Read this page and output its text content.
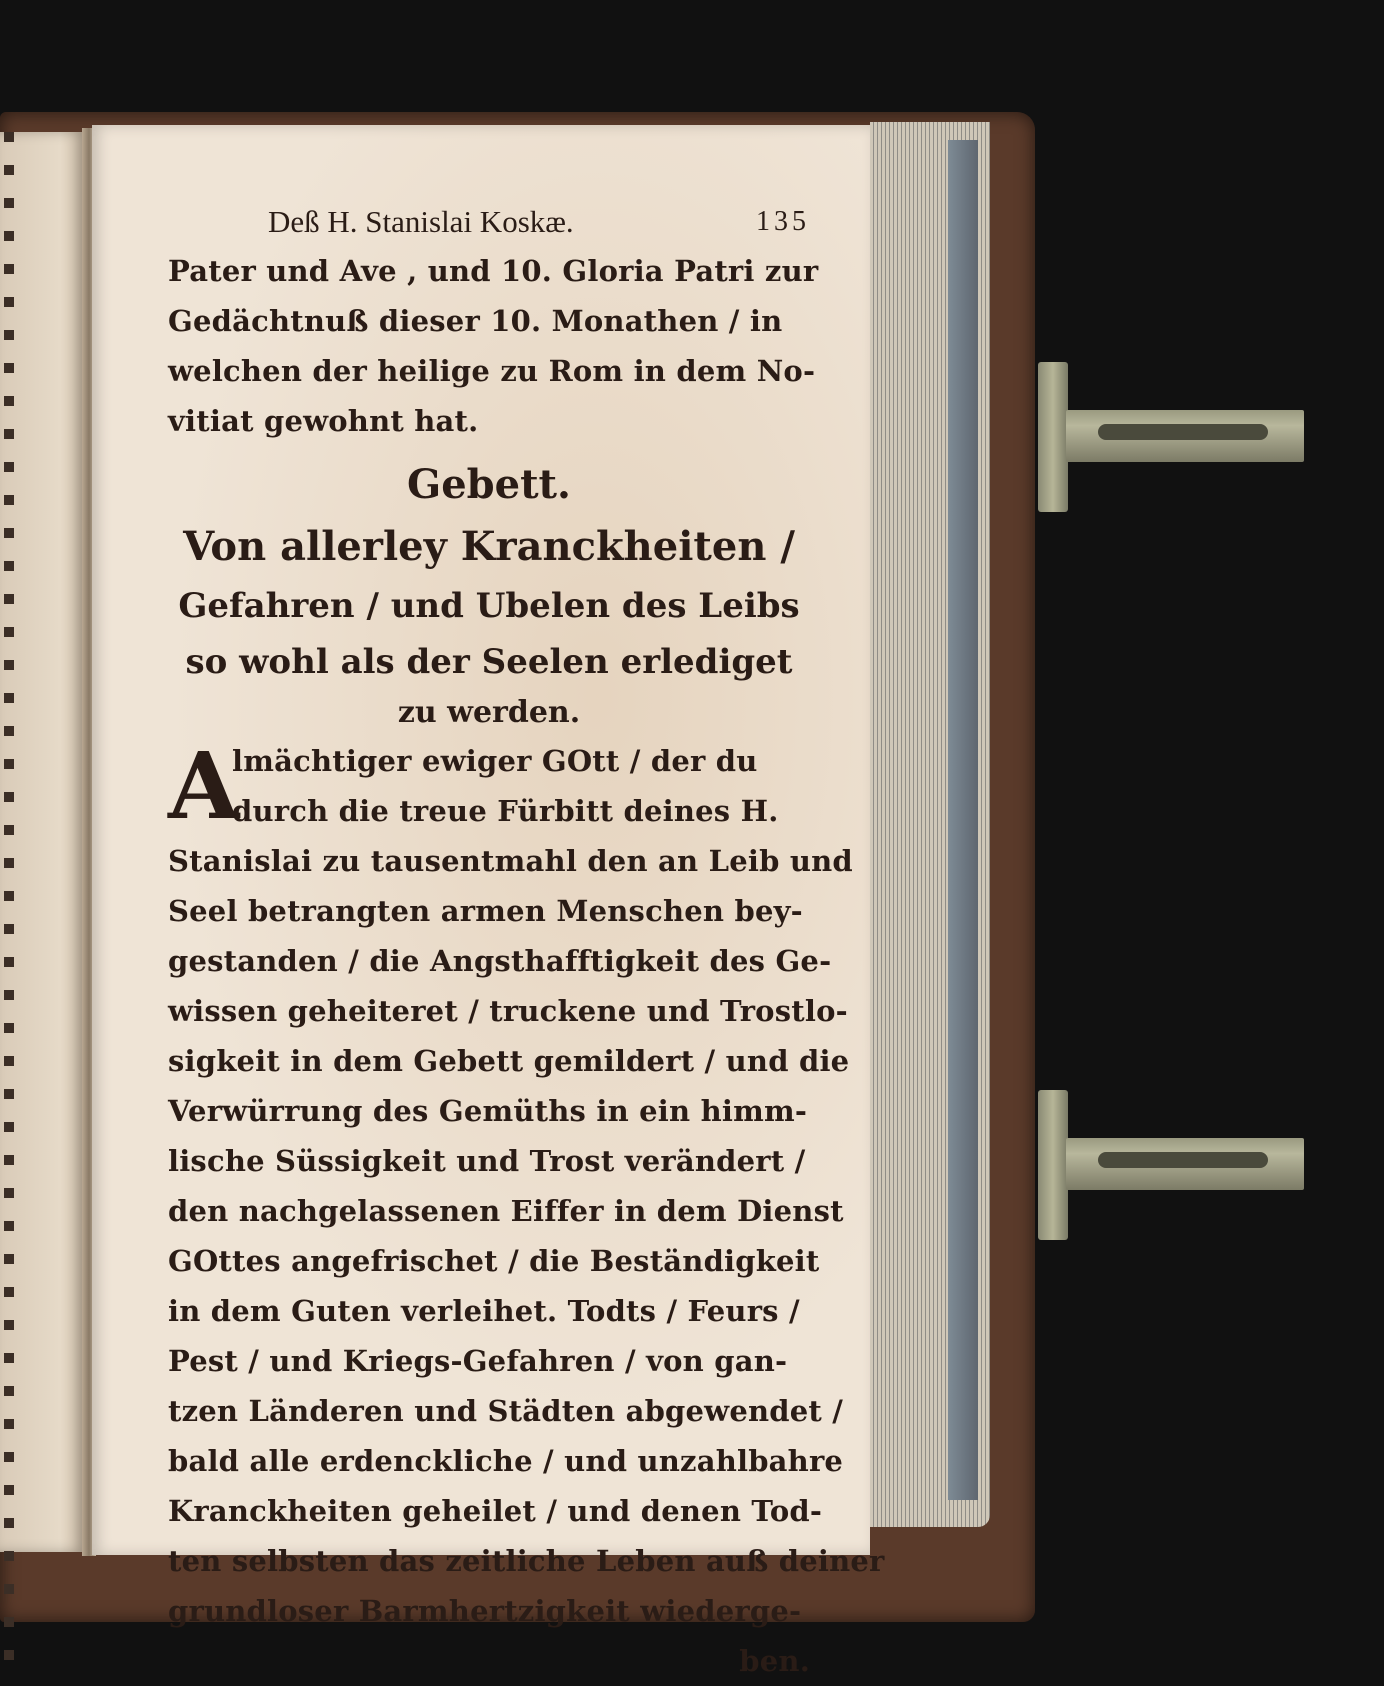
Deß H. Stanislai Koskæ.	135
Pater und Ave , und 10. Gloria Patri zur
Gedächtnuß dieser 10. Monathen / in
welchen der heilige zu Rom in dem No-
vitiat gewohnt hat.
Gebett.
Von allerley Kranckheiten /
Gefahren / und Ubelen des Leibs
so wohl als der Seelen erlediget
zu werden.
A
lmächtiger ewiger GOtt / der du
durch die treue Fürbitt deines H.
Stanislai zu tausentmahl den an Leib und
Seel betrangten armen Menschen bey-
gestanden / die Angsthafftigkeit des Ge-
wissen geheiteret / truckene und Trostlo-
sigkeit in dem Gebett gemildert / und die
Verwürrung des Gemüths in ein himm-
lische Süssigkeit und Trost verändert /
den nachgelassenen Eiffer in dem Dienst
GOttes angefrischet / die Beständigkeit
in dem Guten verleihet. Todts / Feurs /
Pest / und Kriegs-Gefahren / von gan-
tzen Länderen und Städten abgewendet /
bald alle erdenckliche / und unzahlbahre
Kranckheiten geheilet / und denen Tod-
ten selbsten das zeitliche Leben auß deiner
grundloser Barmhertzigkeit wiederge-
ben.
